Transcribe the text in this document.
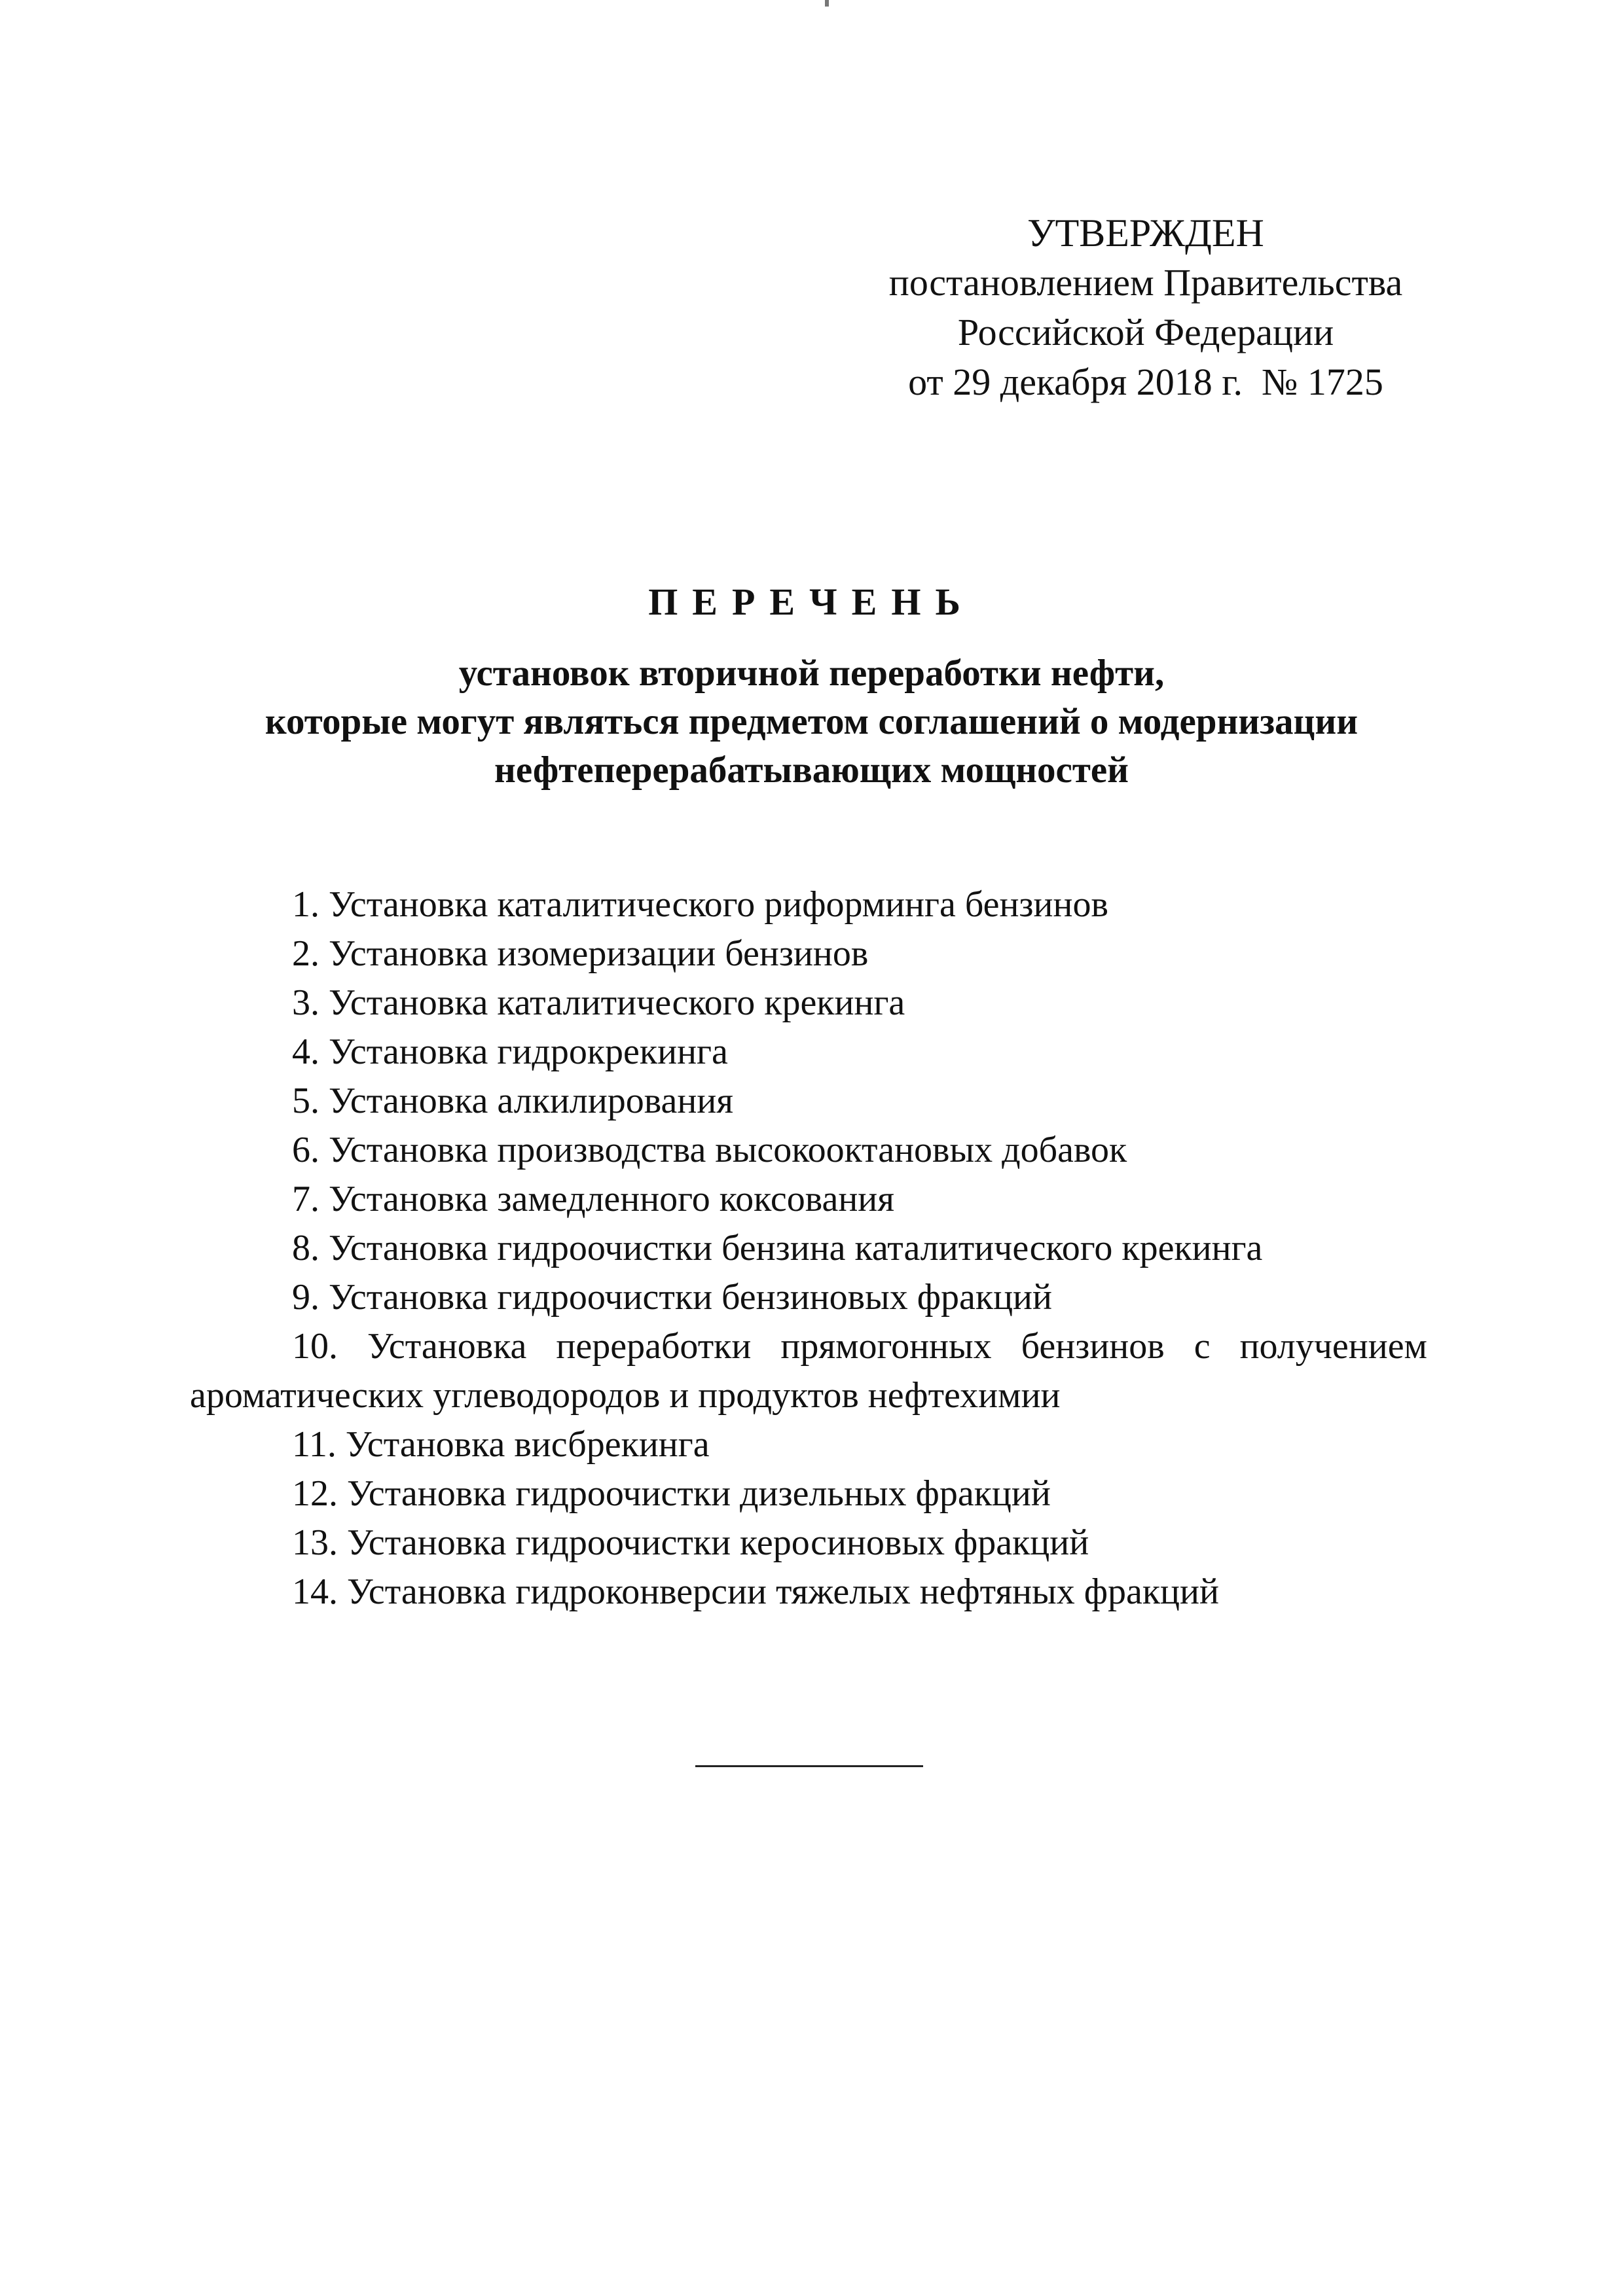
УТВЕРЖДЕН
постановлением Правительства
Российской Федерации
от 29 декабря 2018 г.  № 1725
ПЕРЕЧЕНЬ
установок вторичной переработки нефти,
которые могут являться предметом соглашений о модернизации
нефтеперерабатывающих мощностей
1. Установка каталитического риформинга бензинов
2. Установка изомеризации бензинов
3. Установка каталитического крекинга
4. Установка гидрокрекинга
5. Установка алкилирования
6. Установка производства высокооктановых добавок
7. Установка замедленного коксования
8. Установка гидроочистки бензина каталитического крекинга
9. Установка гидроочистки бензиновых фракций
10. Установка переработки прямогонных бензинов с получением
ароматических углеводородов и продуктов нефтехимии
11. Установка висбрекинга
12. Установка гидроочистки дизельных фракций
13. Установка гидроочистки керосиновых фракций
14. Установка гидроконверсии тяжелых нефтяных фракций
